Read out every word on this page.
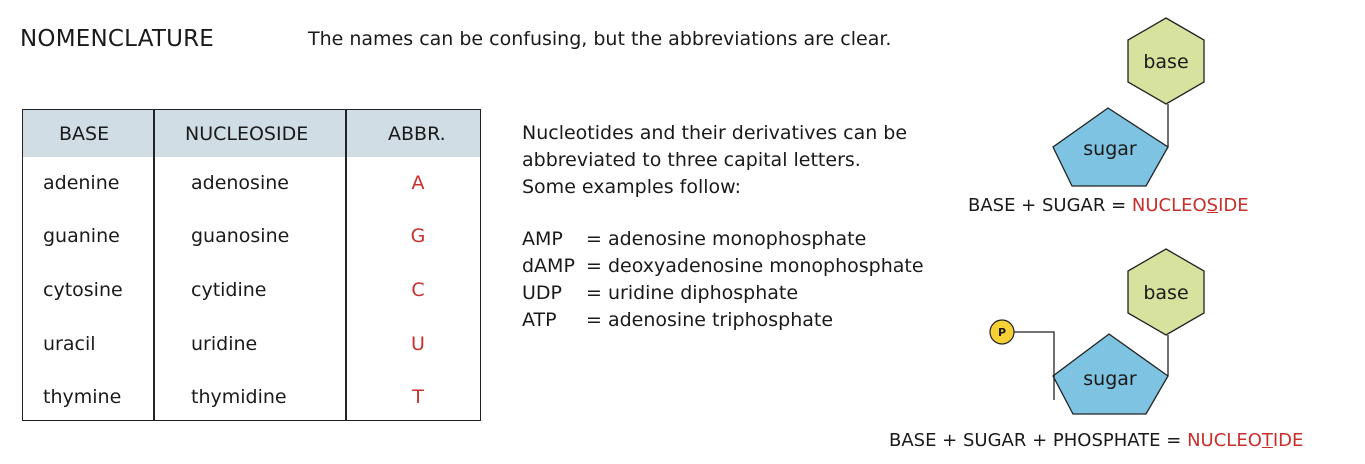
NOMENCLATURE	The names can be confusing, but the abbreviations are clear.
BASE	NUCLEOSIDE	ABBR.
adenine	adenosine	A
guanine	guanosine	G
cytosine	cytidine	C
uracil	uridine	U
thymine	thymidine	T
Nucleotides and their derivatives can be
abbreviated to three capital letters.
Some examples follow:
AMP = adenosine monophosphate
dAMP = deoxyadenosine monophosphate
UDP = uridine diphosphate
ATP = adenosine triphosphate
base
sugar
base
sugar
P
BASE + SUGAR = NUCLEOSIDE
BASE + SUGAR + PHOSPHATE = NUCLEOTIDE
